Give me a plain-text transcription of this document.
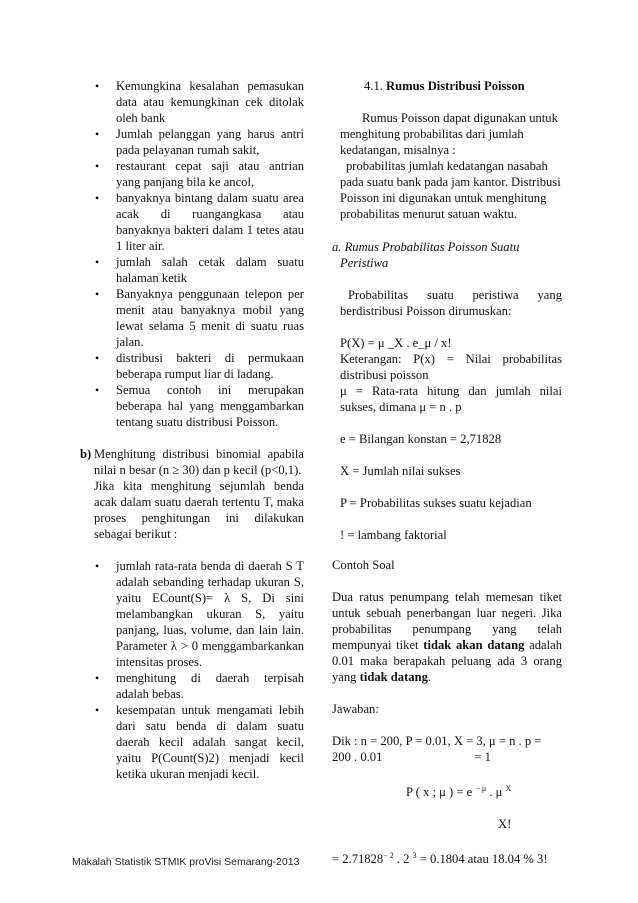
• Kemungkina kesalahan pemasukan data atau kemungkinan cek ditolak oleh bank
• Jumlah pelanggan yang harus antri pada pelayanan rumah sakit,
• restaurant cepat saji atau antrian yang panjang bila ke ancol,
• banyaknya bintang dalam suatu area acak di ruangangkasa atau banyaknya bakteri dalam 1 tetes atau 1 liter air.
• jumlah salah cetak dalam suatu halaman ketik
• Banyaknya penggunaan telepon per menit atau banyaknya mobil yang lewat selama 5 menit di suatu ruas jalan.
• distribusi bakteri di permukaan beberapa rumput liar di ladang.
• Semua contoh ini merupakan beberapa hal yang menggambarkan tentang suatu distribusi Poisson.
b) Menghitung distribusi binomial apabila nilai n besar (n ≥ 30) dan p kecil (p<0,1).

Jika kita menghitung sejumlah benda acak dalam suatu daerah tertentu T, maka proses penghitungan ini dilakukan sebagai berikut :

• jumlah rata-rata benda di daerah S T adalah sebanding terhadap ukuran S, yaitu ECount(S)= λ S, Di sini melambangkan ukuran S, yaitu panjang, luas, volume, dan lain lain. Parameter λ > 0 menggambarkankan intensitas proses.
• menghitung di daerah terpisah adalah bebas.
• kesempatan untuk mengamati lebih dari satu benda di dalam suatu daerah kecil adalah sangat kecil, yaitu P(Count(S)2) menjadi kecil ketika ukuran menjadi kecil.
4.1. Rumus Distribusi Poisson

Rumus Poisson dapat digunakan untuk menghitung probabilitas dari jumlah kedatangan, misalnya :

probabilitas jumlah kedatangan nasabah pada suatu bank pada jam kantor. Distribusi Poisson ini digunakan untuk menghitung probabilitas menurut satuan waktu.

a. Rumus Probabilitas Poisson Suatu Peristiwa

Probabilitas suatu peristiwa yang berdistribusi Poisson dirumuskan:

P(X) = μ _X . e_μ / x!

Keterangan: P(x) = Nilai probabilitas distribusi poisson

μ = Rata-rata hitung dan jumlah nilai sukses, dimana μ = n . p

e = Bilangan konstan = 2,71828

X = Jumlah nilai sukses

P = Probabilitas sukses suatu kejadian

! = lambang faktorial

Contoh Soal

Dua ratus penumpang telah memesan tiket untuk sebuah penerbangan luar negeri. Jika probabilitas penumpang yang telah mempunyai tiket tidak akan datang adalah 0.01 maka berapakah peluang ada 3 orang yang tidak datang.

Jawaban:

Dik : n = 200, P = 0.01, X = 3, μ = n . p = 200 . 0.01	= 1

P ( x ; μ ) = e $^{- \mu}$ . μ $^X$

X!

= $2.71828^{- 2}$ . 2 $^3$ = 0.1804 atau 18.04 % 3!

Makalah Statistik STMIK proVisi Semarang-2013
